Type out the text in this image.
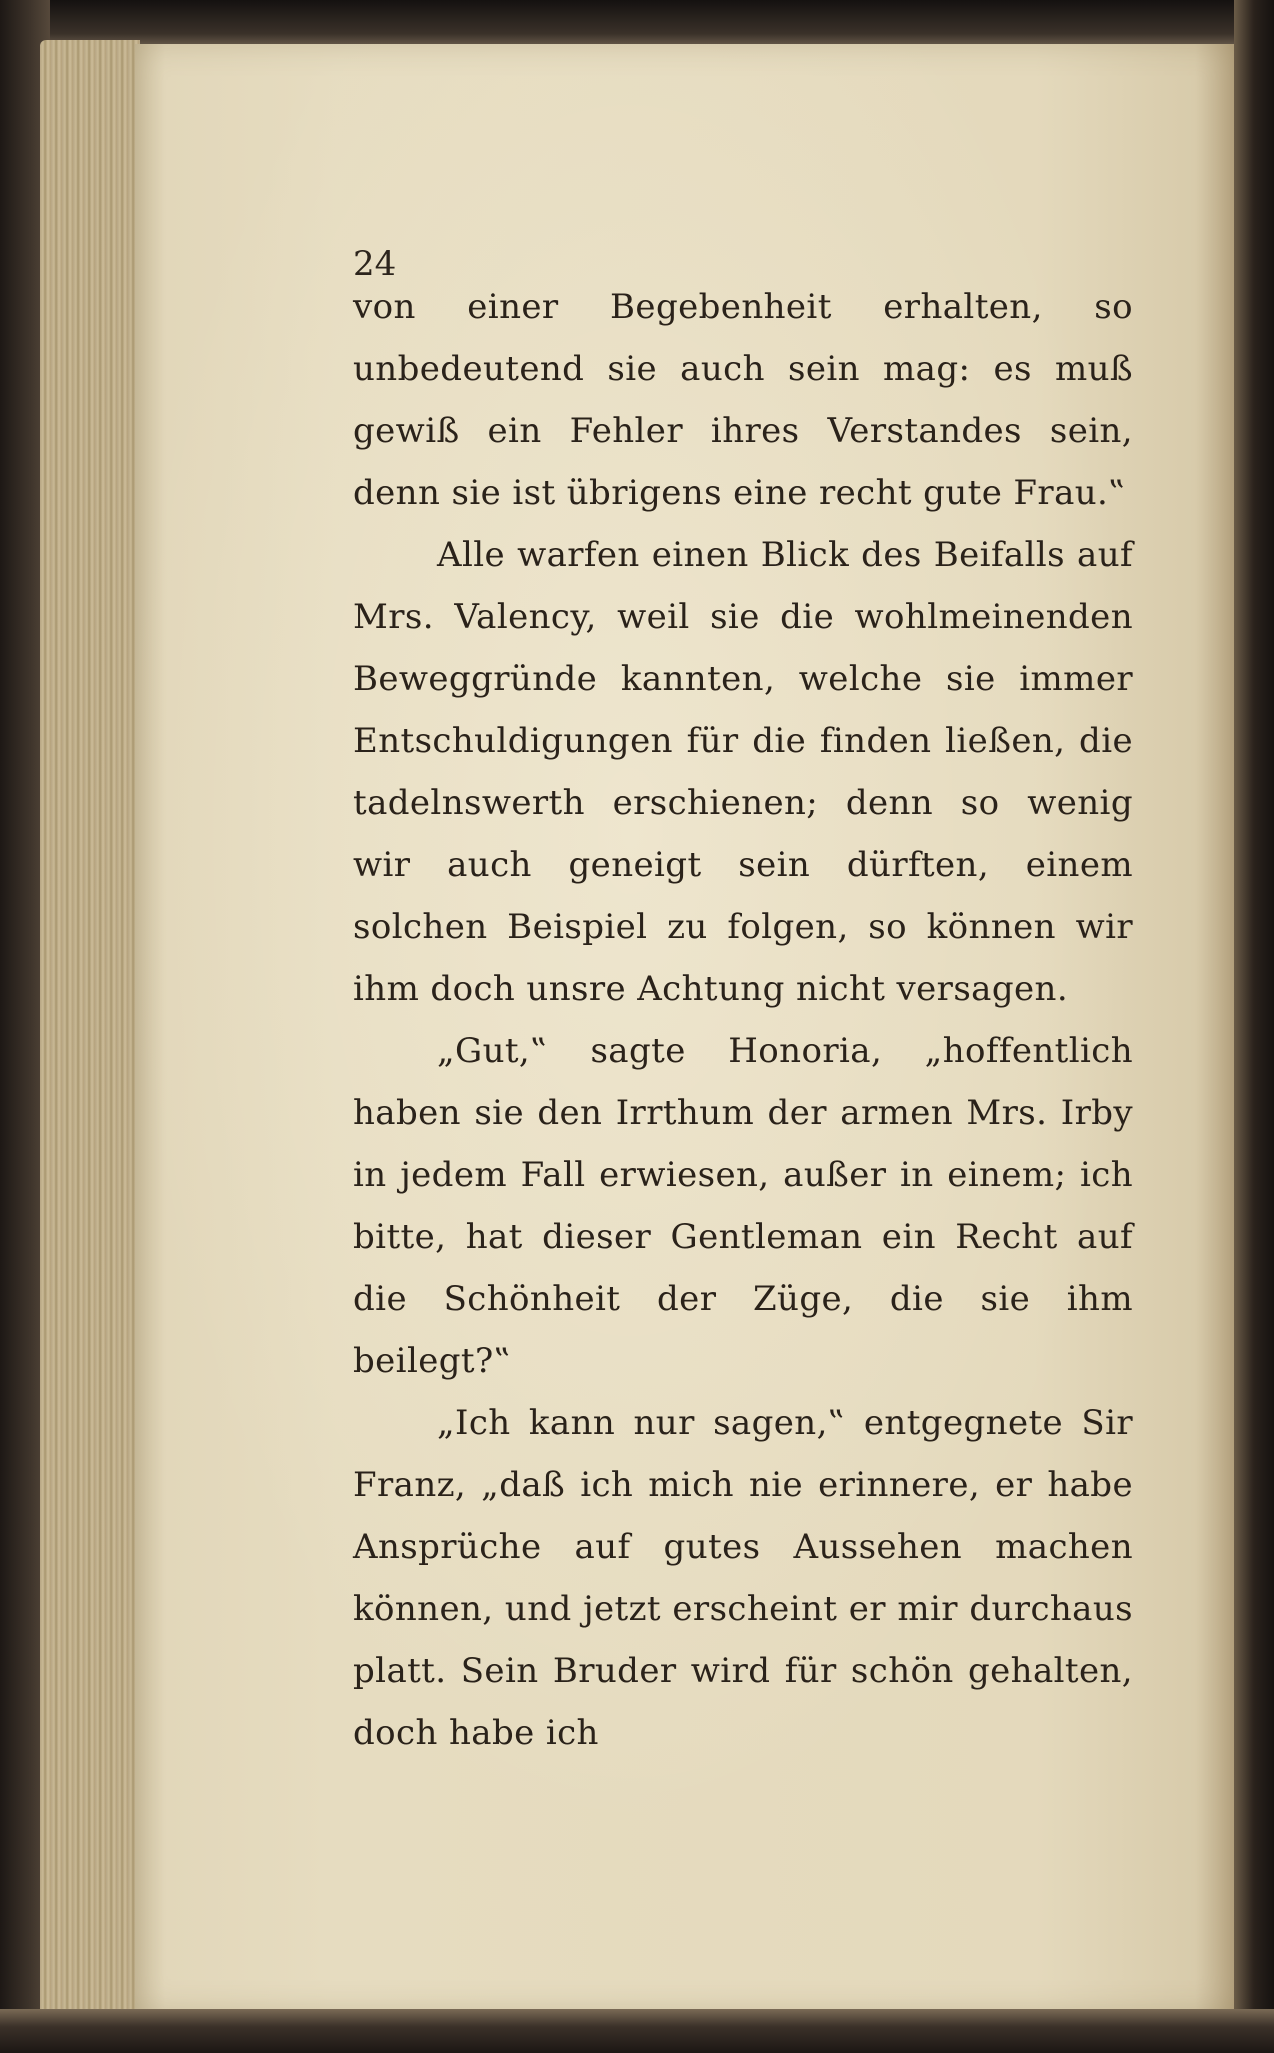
24

von einer Begebenheit erhalten, so unbedeutend sie auch sein mag: es muß gewiß ein Fehler ihres Verstandes sein, denn sie ist übrigens eine recht gute Frau.‟

Alle warfen einen Blick des Beifalls auf Mrs. Valency, weil sie die wohlmeinenden Beweggründe kannten, welche sie immer Entschuldigungen für die finden ließen, die tadelnswerth erschienen; denn so wenig wir auch geneigt sein dürften, einem solchen Beispiel zu folgen, so können wir ihm doch unsre Achtung nicht versagen.

„Gut,‟ sagte Honoria, „hoffentlich haben sie den Irrthum der armen Mrs. Irby in jedem Fall erwiesen, außer in einem; ich bitte, hat dieser Gentleman ein Recht auf die Schönheit der Züge, die sie ihm beilegt?‟

„Ich kann nur sagen,‟ entgegnete Sir Franz, „daß ich mich nie erinnere, er habe Ansprüche auf gutes Aussehen machen können, und jetzt erscheint er mir durchaus platt. Sein Bruder wird für schön gehalten, doch habe ich
